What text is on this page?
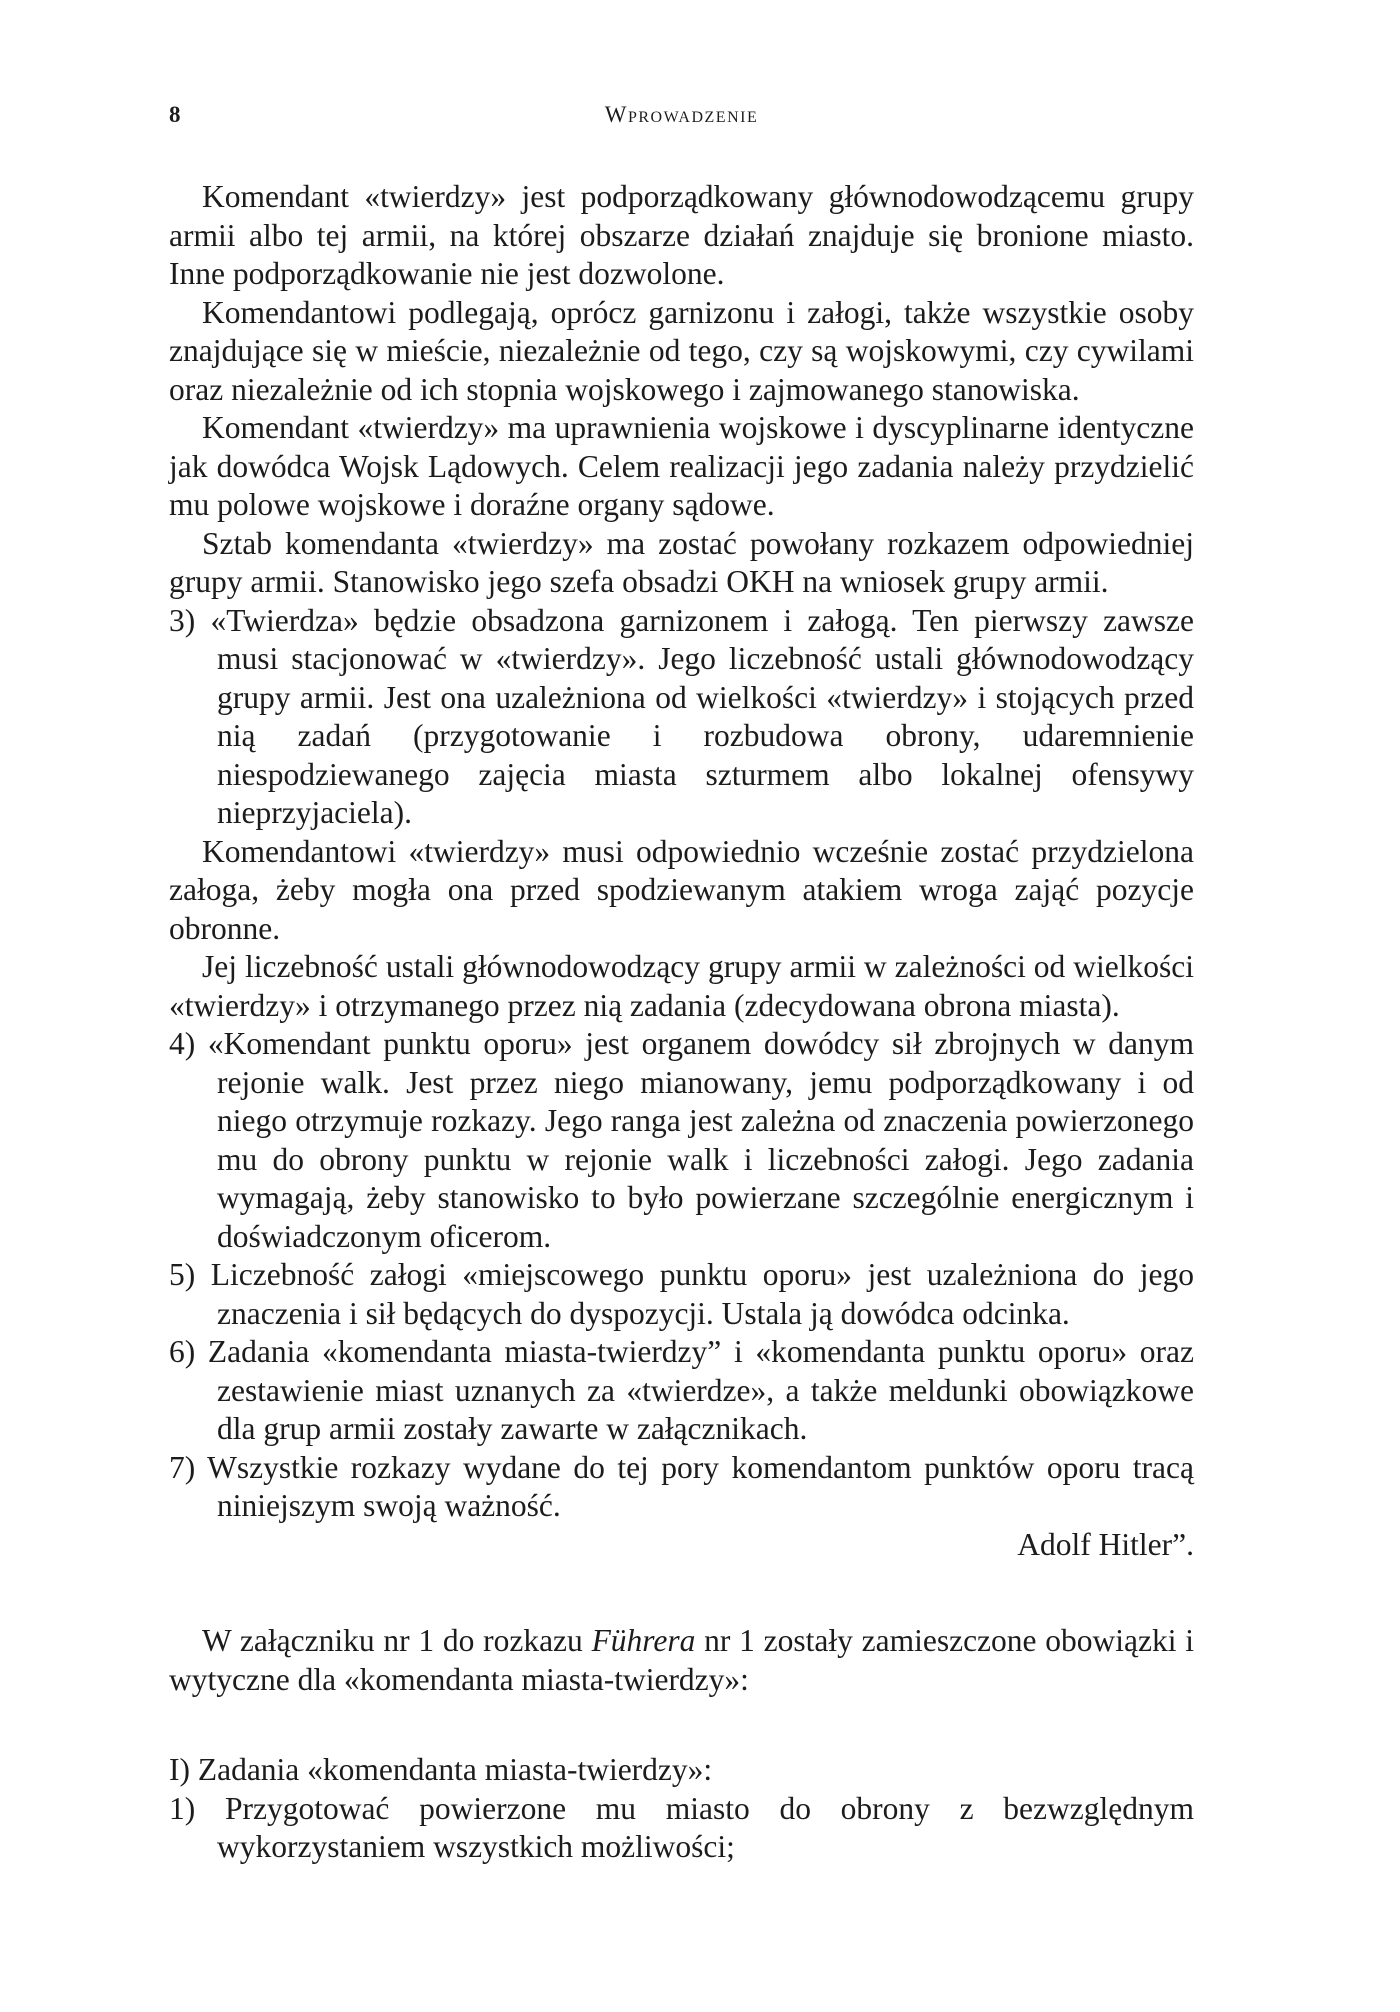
8	Wprowadzenie

Komendant «twierdzy» jest podporządkowany głównodowodzącemu grupy armii albo tej armii, na której obszarze działań znajduje się bronione miasto. Inne podporządkowanie nie jest dozwolone.

Komendantowi podlegają, oprócz garnizonu i załogi, także wszystkie osoby znajdujące się w mieście, niezależnie od tego, czy są wojskowymi, czy cywilami oraz niezależnie od ich stopnia wojskowego i zajmowanego stanowiska.

Komendant «twierdzy» ma uprawnienia wojskowe i dyscyplinarne identyczne jak dowódca Wojsk Lądowych. Celem realizacji jego zadania należy przydzielić mu polowe wojskowe i doraźne organy sądowe.

Sztab komendanta «twierdzy» ma zostać powołany rozkazem odpowiedniej grupy armii. Stanowisko jego szefa obsadzi OKH na wniosek grupy armii.

3) «Twierdza» będzie obsadzona garnizonem i załogą. Ten pierwszy zawsze musi stacjonować w «twierdzy». Jego liczebność ustali głównodowodzący grupy armii. Jest ona uzależniona od wielkości «twierdzy» i stojących przed nią zadań (przygotowanie i rozbudowa obrony, udaremnienie niespodziewanego zajęcia miasta szturmem albo lokalnej ofensywy nieprzyjaciela).

Komendantowi «twierdzy» musi odpowiednio wcześnie zostać przydzielona załoga, żeby mogła ona przed spodziewanym atakiem wroga zająć pozycje obronne.

Jej liczebność ustali głównodowodzący grupy armii w zależności od wielkości «twierdzy» i otrzymanego przez nią zadania (zdecydowana obrona miasta).

4) «Komendant punktu oporu» jest organem dowódcy sił zbrojnych w danym rejonie walk. Jest przez niego mianowany, jemu podporządkowany i od niego otrzymuje rozkazy. Jego ranga jest zależna od znaczenia powierzonego mu do obrony punktu w rejonie walk i liczebności załogi. Jego zadania wymagają, żeby stanowisko to było powierzane szczególnie energicznym i doświadczonym oficerom.

5) Liczebność załogi «miejscowego punktu oporu» jest uzależniona do jego znaczenia i sił będących do dyspozycji. Ustala ją dowódca odcinka.

6) Zadania «komendanta miasta-twierdzy” i «komendanta punktu oporu» oraz zestawienie miast uznanych za «twierdze», a także meldunki obowiązkowe dla grup armii zostały zawarte w załącznikach.

7) Wszystkie rozkazy wydane do tej pory komendantom punktów oporu tracą niniejszym swoją ważność.

Adolf Hitler”.

W załączniku nr 1 do rozkazu Führera nr 1 zostały zamieszczone obowiązki i wytyczne dla «komendanta miasta-twierdzy»:

I) Zadania «komendanta miasta-twierdzy»:

1) Przygotować powierzone mu miasto do obrony z bezwzględnym wykorzystaniem wszystkich możliwości;
